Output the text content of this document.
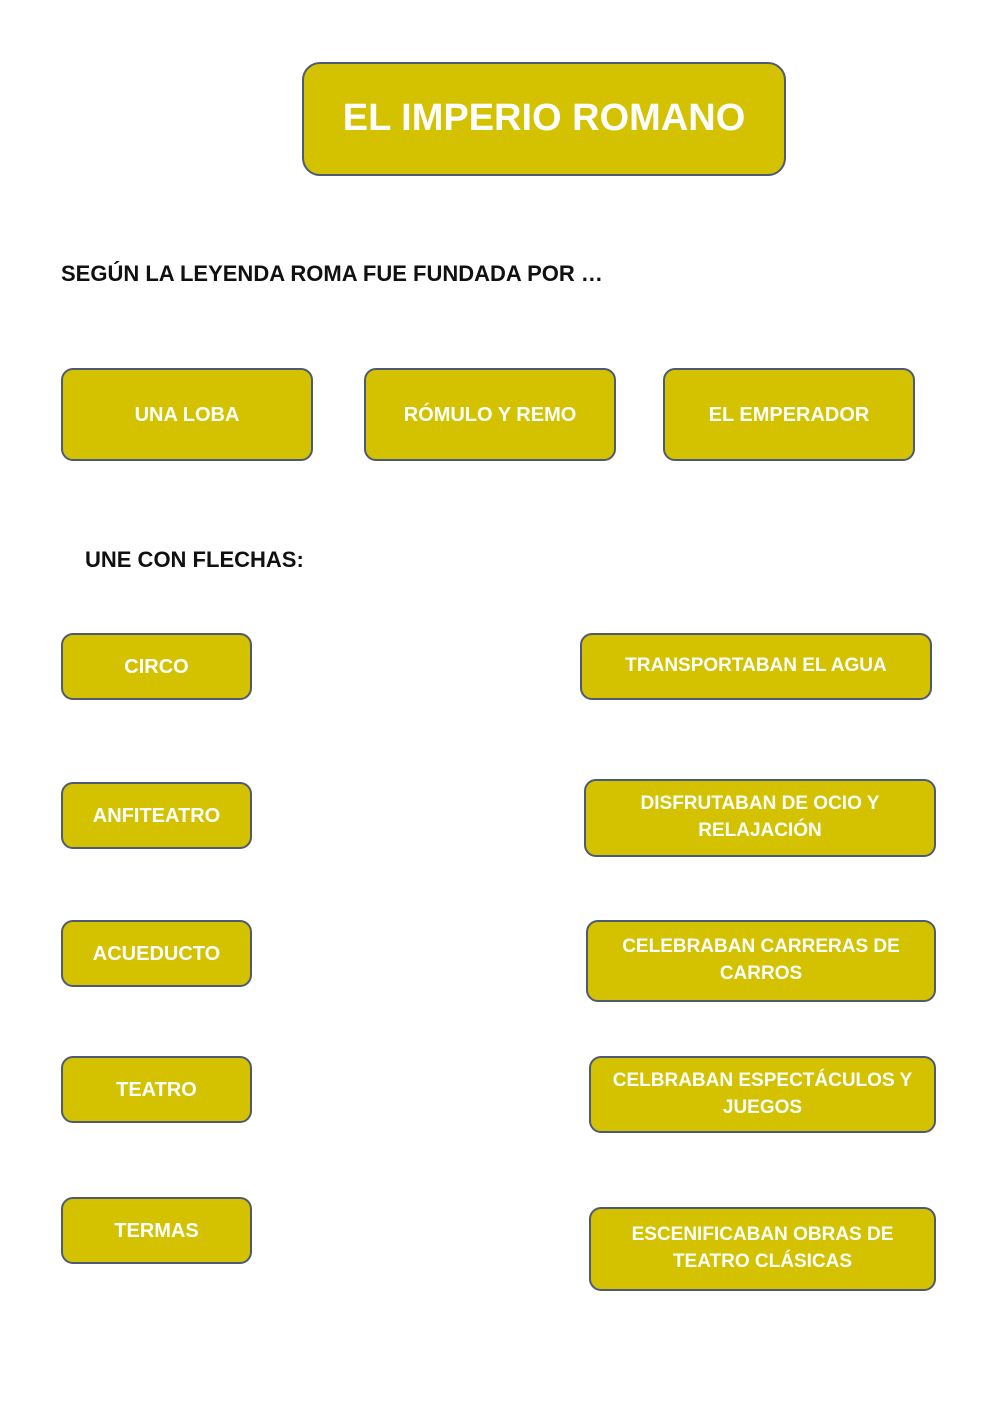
EL IMPERIO ROMANO
SEGÚN LA LEYENDA ROMA FUE FUNDADA POR …
UNA LOBA	RÓMULO Y REMO	EL EMPERADOR
UNE CON FLECHAS:
CIRCO
ANFITEATRO
ACUEDUCTO
TEATRO
TERMAS
TRANSPORTABAN EL AGUA
DISFRUTABAN DE OCIO Y RELAJACIÓN
CELEBRABAN CARRERAS DE CARROS
CELBRABAN ESPECTÁCULOS Y JUEGOS
ESCENIFICABAN OBRAS DE TEATRO CLÁSICAS
